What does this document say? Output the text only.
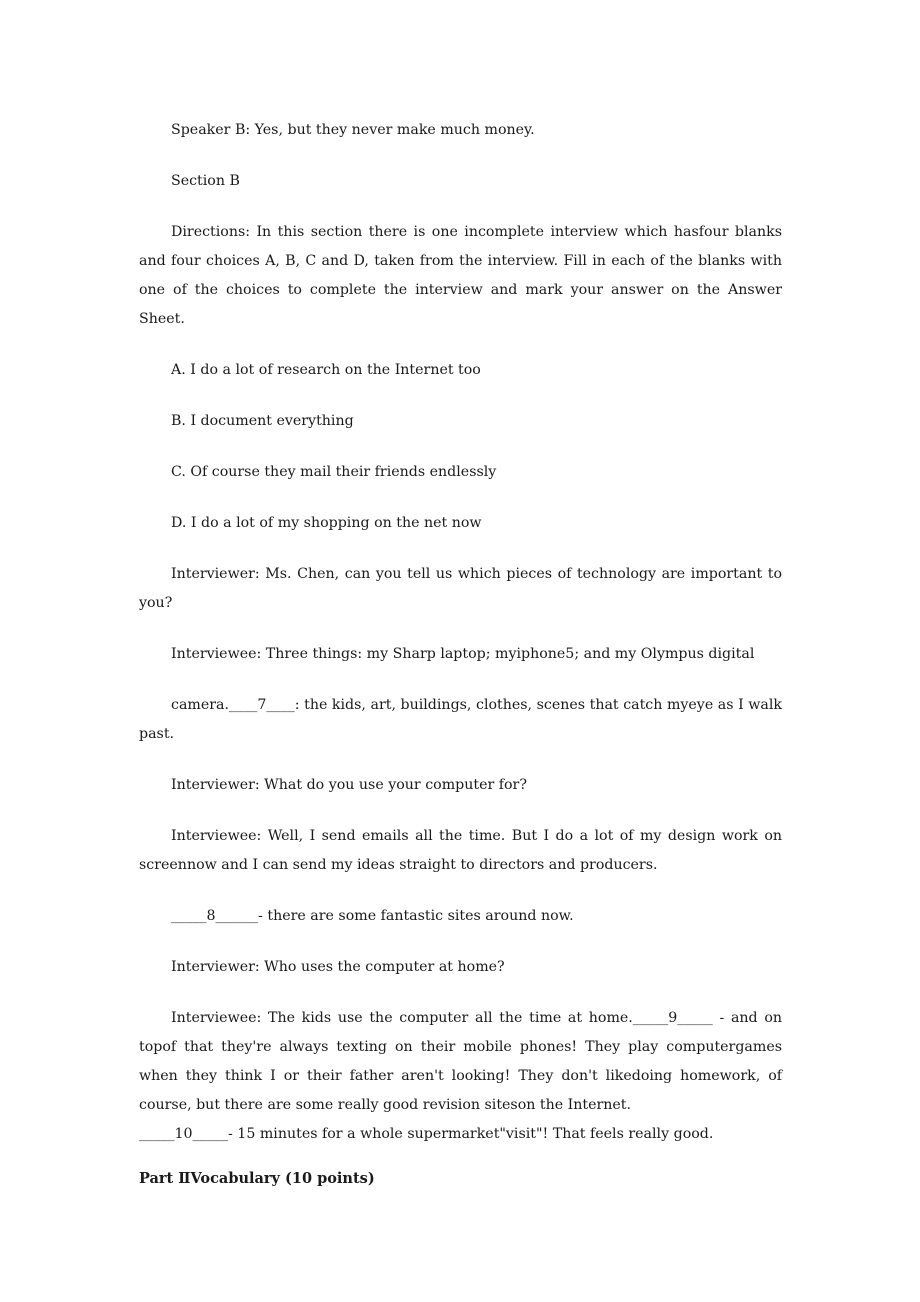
Speaker B: Yes, but they never make much money.

Section B

Directions: In this section there is one incomplete interview which hasfour blanks and four choices A, B, C and D, taken from the interview. Fill in each of the blanks with one of the choices to complete the interview and mark your answer on the Answer Sheet.

A. I do a lot of research on the Internet too

B. I document everything

C. Of course they mail their friends endlessly

D. I do a lot of my shopping on the net now

Interviewer: Ms. Chen, can you tell us which pieces of technology are important to you?

Interviewee: Three things: my Sharp laptop; myiphone5; and my Olympus digital

camera.____7____: the kids, art, buildings, clothes, scenes that catch myeye as I walk past.

Interviewer: What do you use your computer for?

Interviewee: Well, I send emails all the time. But I do a lot of my design work on screennow and I can send my ideas straight to directors and producers.

_____8______- there are some fantastic sites around now.

Interviewer: Who uses the computer at home?

Interviewee: The kids use the computer all the time at home._____9_____ - and on topof that they're always texting on their mobile phones! They play computergames when they think I or their father aren't looking! They don't likedoing homework, of course, but there are some really good revision siteson the Internet.

_____10_____- 15 minutes for a whole supermarket"visit"! That feels really good.

Part ⅡVocabulary (10 points)
